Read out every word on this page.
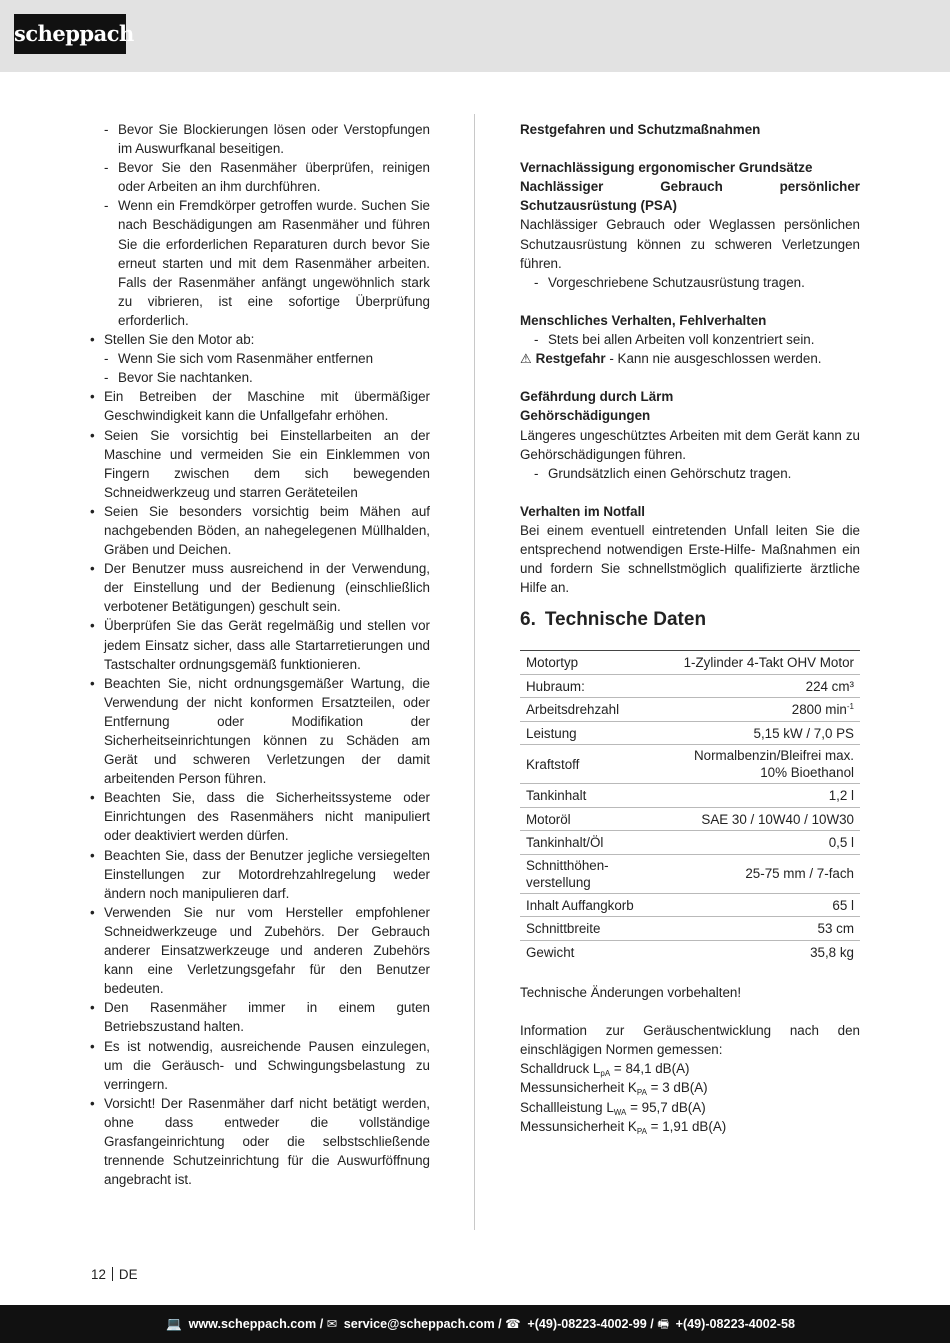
scheppach
- Bevor Sie Blockierungen lösen oder Verstopfungen im Auswurfkanal beseitigen.
- Bevor Sie den Rasenmäher überprüfen, reinigen oder Arbeiten an ihm durchführen.
- Wenn ein Fremdkörper getroffen wurde. Suchen Sie nach Beschädigungen am Rasenmäher und führen Sie die erforderlichen Reparaturen durch bevor Sie erneut starten und mit dem Rasenmäher arbeiten. Falls der Rasenmäher anfängt ungewöhnlich stark zu vibrieren, ist eine sofortige Überprüfung erforderlich.
• Stellen Sie den Motor ab:
- Wenn Sie sich vom Rasenmäher entfernen
- Bevor Sie nachtanken.
• Ein Betreiben der Maschine mit übermäßiger Geschwindigkeit kann die Unfallgefahr erhöhen.
• Seien Sie vorsichtig bei Einstellarbeiten an der Maschine und vermeiden Sie ein Einklemmen von Fingern zwischen dem sich bewegenden Schneidwerkzeug und starren Geräteteilen
• Seien Sie besonders vorsichtig beim Mähen auf nachgebenden Böden, an nahegelegenen Müllhalden, Gräben und Deichen.
• Der Benutzer muss ausreichend in der Verwendung, der Einstellung und der Bedienung (einschließlich verbotener Betätigungen) geschult sein.
• Überprüfen Sie das Gerät regelmäßig und stellen vor jedem Einsatz sicher, dass alle Startarretierungen und Tastschalter ordnungsgemäß funktionieren.
• Beachten Sie, nicht ordnungsgemäßer Wartung, die Verwendung der nicht konformen Ersatzteilen, oder Entfernung oder Modifikation der Sicherheitseinrichtungen können zu Schäden am Gerät und schweren Verletzungen der damit arbeitenden Person führen.
• Beachten Sie, dass die Sicherheitssysteme oder Einrichtungen des Rasenmähers nicht manipuliert oder deaktiviert werden dürfen.
• Beachten Sie, dass der Benutzer jegliche versiegelten Einstellungen zur Motordrehzahlregelung weder ändern noch manipulieren darf.
• Verwenden Sie nur vom Hersteller empfohlener Schneidwerkzeuge und Zubehörs. Der Gebrauch anderer Einsatzwerkzeuge und anderen Zubehörs kann eine Verletzungsgefahr für den Benutzer bedeuten.
• Den Rasenmäher immer in einem guten Betriebszustand halten.
• Es ist notwendig, ausreichende Pausen einzulegen, um die Geräusch- und Schwingungsbelastung zu verringern.
• Vorsicht! Der Rasenmäher darf nicht betätigt werden, ohne dass entweder die vollständige Grasfangeinrichtung oder die selbstschließende trennende Schutzeinrichtung für die Auswurföffnung angebracht ist.
Restgefahren und Schutzmaßnahmen
Vernachlässigung ergonomischer Grundsätze
Nachlässiger Gebrauch persönlicher Schutzausrüstung (PSA)
Nachlässiger Gebrauch oder Weglassen persönlichen Schutzausrüstung können zu schweren Verletzungen führen.
- Vorgeschriebene Schutzausrüstung tragen.
Menschliches Verhalten, Fehlverhalten
- Stets bei allen Arbeiten voll konzentriert sein.
⚠ Restgefahr - Kann nie ausgeschlossen werden.
Gefährdung durch Lärm
Gehörschädigungen
Längeres ungeschütztes Arbeiten mit dem Gerät kann zu Gehörschädigungen führen.
- Grundsätzlich einen Gehörschutz tragen.
Verhalten im Notfall
Bei einem eventuell eintretenden Unfall leiten Sie die entsprechend notwendigen Erste-Hilfe- Maßnahmen ein und fordern Sie schnellstmöglich qualifizierte ärztliche Hilfe an.
6. Technische Daten
Motortyp	1-Zylinder 4-Takt OHV Motor
Hubraum:	224 cm³
Arbeitsdrehzahl	2800 $\min^{-1}$
Leistung	5,15 kW / 7,0 PS
Kraftstoff	Normalbenzin/Bleifrei max.
10% Bioethanol

Tankinhalt	1,2 l
Motoröl	SAE 30 / 10W40 / 10W30
Tankinhalt/Öl	0,5 l

Schnitthöhen-
verstellung	25-75 mm / 7-fach
Inhalt Auffangkorb	65 l
Schnittbreite	53 cm
Gewicht	35,8 kg
Technische Änderungen vorbehalten!
Information zur Geräuschentwicklung nach den einschlägigen Normen gemessen:
Schalldruck $L_{pA} = 84,1$ dB(A)
Messunsicherheit $K_{PA} = 3$ dB(A)
Schallleistung $L_{WA} = 95,7$ dB(A)
Messunsicherheit $K_{PA} = 1,91$ dB(A)
12 DE
💻 www.scheppach.com / ✉ service@scheppach.com / ☎ +(49)-08223-4002-99 / 🖷 +(49)-08223-4002-58
